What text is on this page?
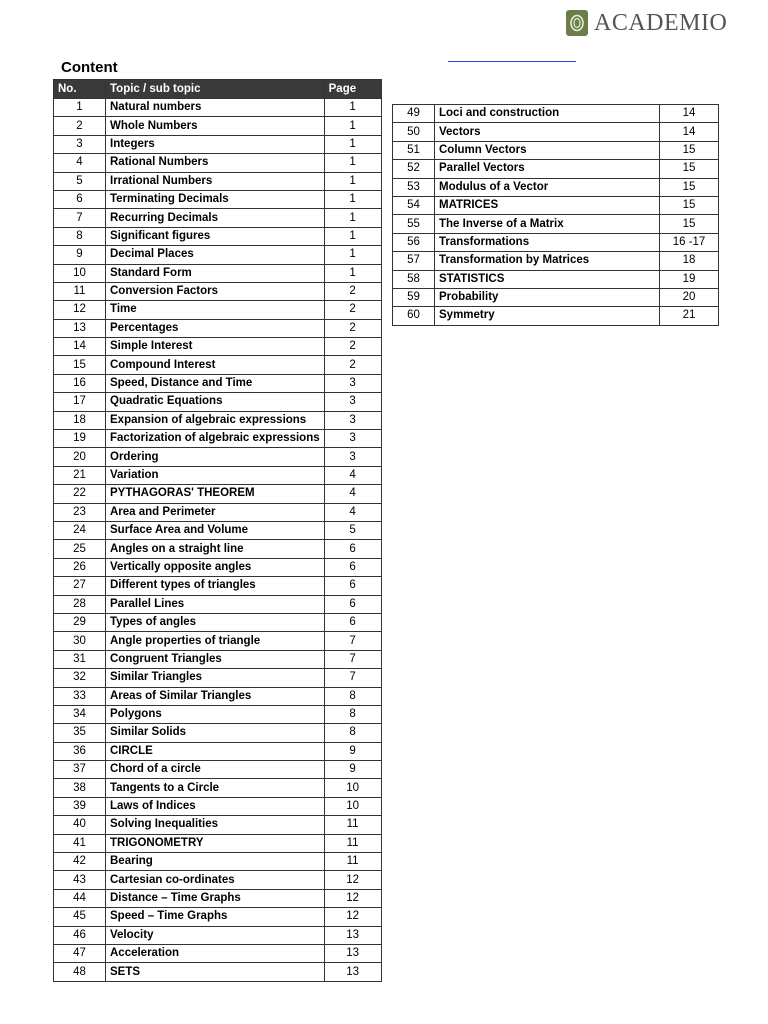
ACADEMIO
Content
No.	Topic / sub topic	Page
1	Natural numbers	1
2	Whole Numbers	1
3	Integers	1
4	Rational Numbers	1
5	Irrational Numbers	1
6	Terminating Decimals	1
7	Recurring Decimals	1
8	Significant figures	1
9	Decimal Places	1
10	Standard Form	1
11	Conversion Factors	2
12	Time	2
13	Percentages	2
14	Simple Interest	2
15	Compound Interest	2
16	Speed, Distance and Time	3
17	Quadratic Equations	3
18	Expansion of algebraic expressions	3
19	Factorization of algebraic expressions	3
20	Ordering	3
21	Variation	4
22	PYTHAGORAS' THEOREM	4
23	Area and Perimeter	4
24	Surface Area and Volume	5
25	Angles on a straight line	6
26	Vertically opposite angles	6
27	Different types of triangles	6
28	Parallel Lines	6
29	Types of angles	6
30	Angle properties of triangle	7
31	Congruent Triangles	7
32	Similar Triangles	7
33	Areas of Similar Triangles	8
34	Polygons	8
35	Similar Solids	8
36	CIRCLE	9
37	Chord of a circle	9
38	Tangents to a Circle	10
39	Laws of Indices	10
40	Solving Inequalities	11
41	TRIGONOMETRY	11
42	Bearing	11
43	Cartesian co-ordinates	12
44	Distance – Time Graphs	12
45	Speed – Time Graphs	12
46	Velocity	13
47	Acceleration	13
48	SETS	13
49	Loci and construction	14
50	Vectors	14
51	Column Vectors	15
52	Parallel Vectors	15
53	Modulus of a Vector	15
54	MATRICES	15
55	The Inverse of a Matrix	15
56	Transformations	16 -17
57	Transformation by Matrices	18
58	STATISTICS	19
59	Probability	20
60	Symmetry	21
